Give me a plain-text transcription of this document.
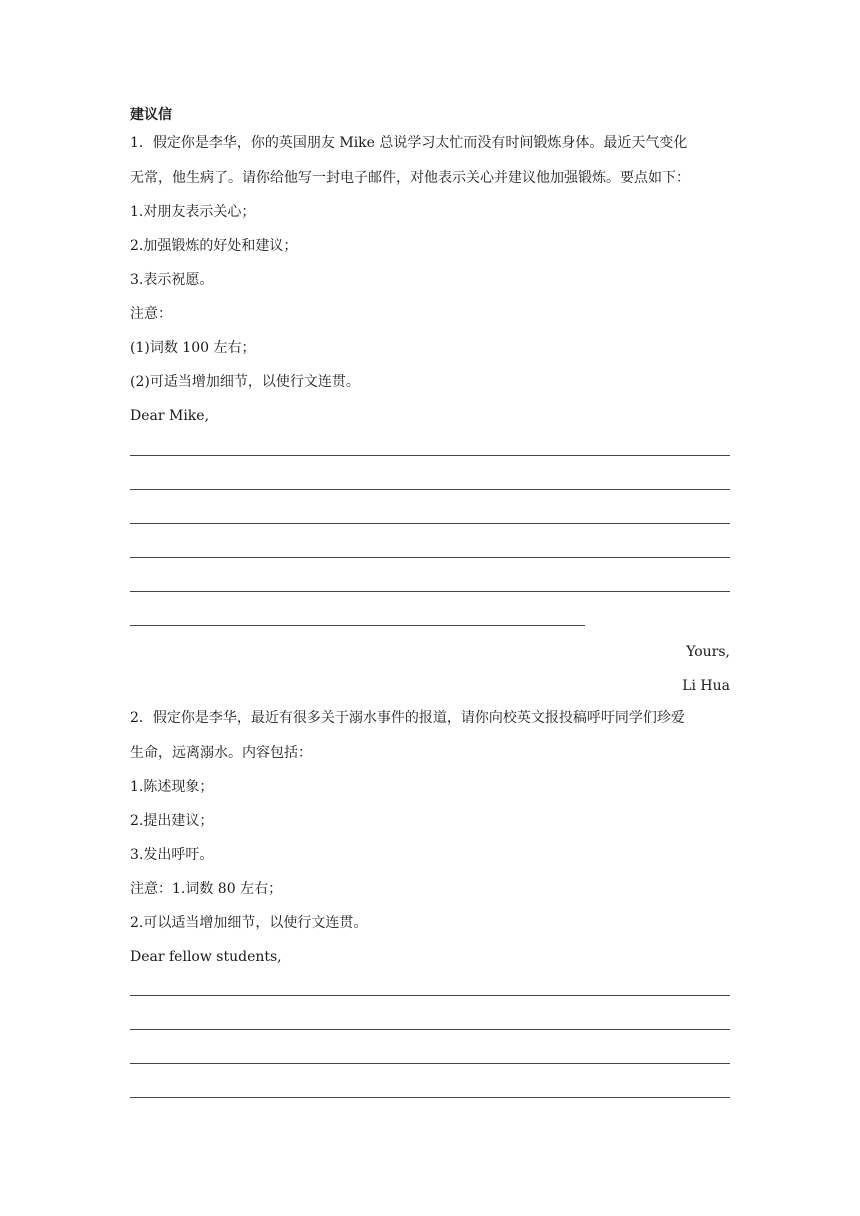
建议信
1．假定你是李华，你的英国朋友 Mike 总说学习太忙而没有时间锻炼身体。最近天气变化
无常，他生病了。请你给他写一封电子邮件，对他表示关心并建议他加强锻炼。要点如下：
1.对朋友表示关心；
2.加强锻炼的好处和建议；
3.表示祝愿。
注意：
(1)词数 100 左右；
(2)可适当增加细节，以使行文连贯。
Dear Mike,
Yours,
Li Hua
2．假定你是李华，最近有很多关于溺水事件的报道，请你向校英文报投稿呼吁同学们珍爱
生命，远离溺水。内容包括：
1.陈述现象；
2.提出建议；
3.发出呼吁。
注意：1.词数 80 左右；
2.可以适当增加细节，以使行文连贯。
Dear fellow students,
